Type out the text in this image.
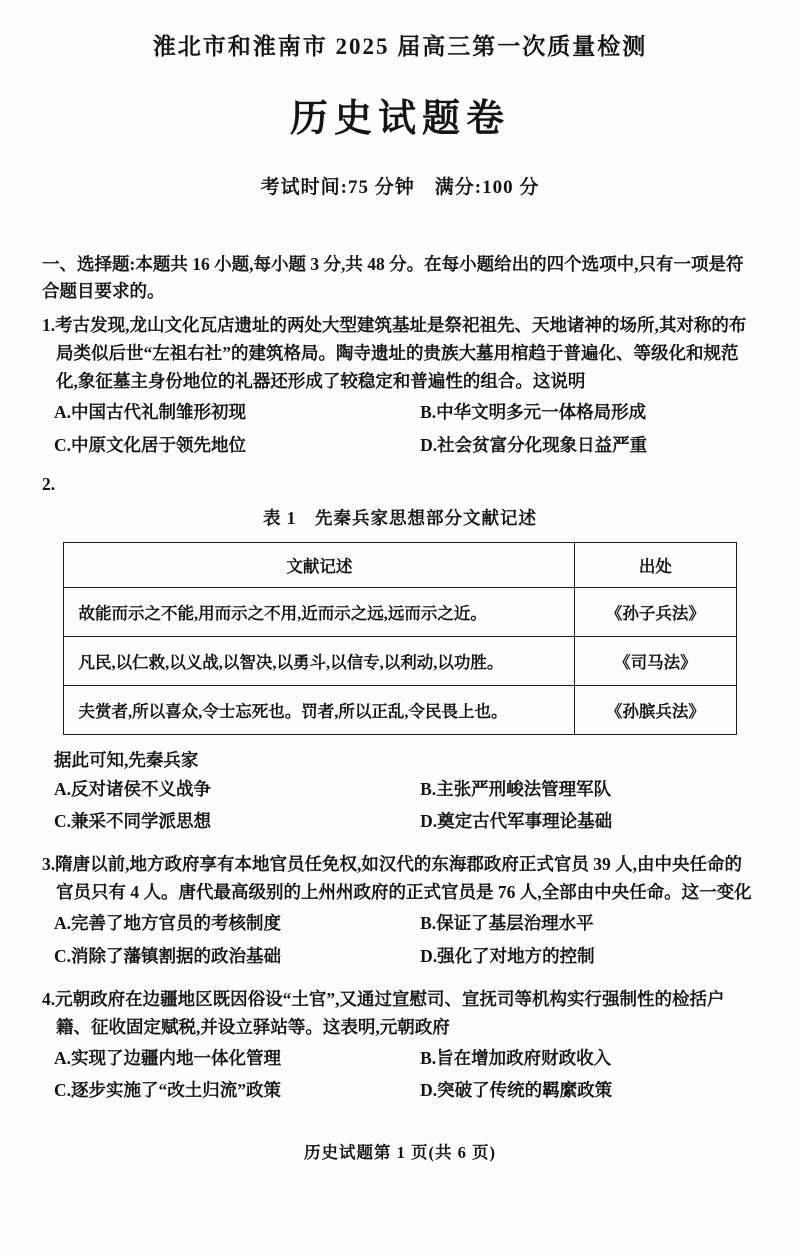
淮北市和淮南市 2025 届高三第一次质量检测
历史试题卷

考试时间:75 分钟　满分:100 分

一、选择题:本题共 16 小题,每小题 3 分,共 48 分。在每小题给出的四个选项中,只有一项是符合题目要求的。

1.考古发现,龙山文化瓦店遗址的两处大型建筑基址是祭祀祖先、天地诸神的场所,其对称的布局类似后世“左祖右社”的建筑格局。陶寺遗址的贵族大墓用棺趋于普遍化、等级化和规范化,象征墓主身份地位的礼器还形成了较稳定和普遍性的组合。这说明

A.中国古代礼制雏形初现	B.中华文明多元一体格局形成
C.中原文化居于领先地位	D.社会贫富分化现象日益严重

2.

表 1　先秦兵家思想部分文献记述

文献记述	出处
故能而示之不能,用而示之不用,近而示之远,远而示之近。	《孙子兵法》
凡民,以仁救,以义战,以智决,以勇斗,以信专,以利动,以功胜。	《司马法》
夫赏者,所以喜众,令士忘死也。罚者,所以正乱,令民畏上也。	《孙膑兵法》

据此可知,先秦兵家

A.反对诸侯不义战争	B.主张严刑峻法管理军队
C.兼采不同学派思想	D.奠定古代军事理论基础

3.隋唐以前,地方政府享有本地官员任免权,如汉代的东海郡政府正式官员 39 人,由中央任命的官员只有 4 人。唐代最高级别的上州州政府的正式官员是 76 人,全部由中央任命。这一变化

A.完善了地方官员的考核制度	B.保证了基层治理水平
C.消除了藩镇割据的政治基础	D.强化了对地方的控制

4.元朝政府在边疆地区既因俗设“土官”,又通过宣慰司、宣抚司等机构实行强制性的检括户籍、征收固定赋税,并设立驿站等。这表明,元朝政府

A.实现了边疆内地一体化管理	B.旨在增加政府财政收入
C.逐步实施了“改土归流”政策	D.突破了传统的羁縻政策

历史试题第 1 页(共 6 页)
